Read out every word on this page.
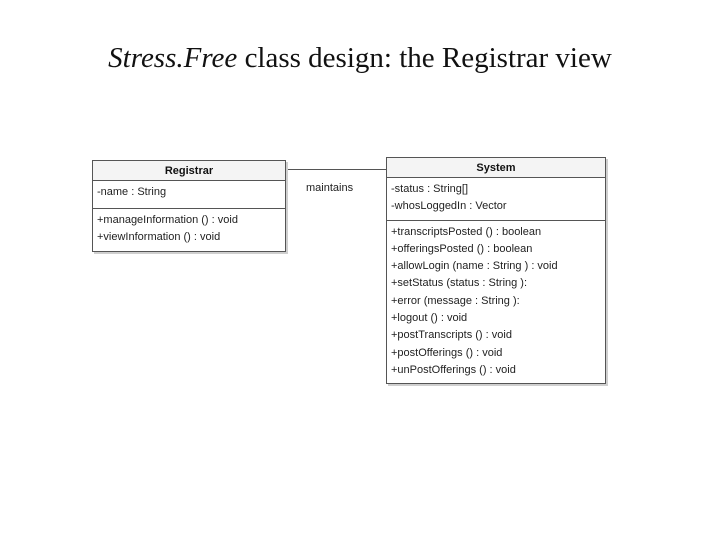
Stress.Free class design: the Registrar view
maintains
Registrar
-name : String
+manageInformation () : void
+viewInformation () : void
System
-status : String[]
-whosLoggedIn : Vector
+transcriptsPosted () : boolean
+offeringsPosted () : boolean
+allowLogin (name : String ) : void
+setStatus (status : String ):
+error (message : String ):
+logout () : void
+postTranscripts () : void
+postOfferings () : void
+unPostOfferings () : void
